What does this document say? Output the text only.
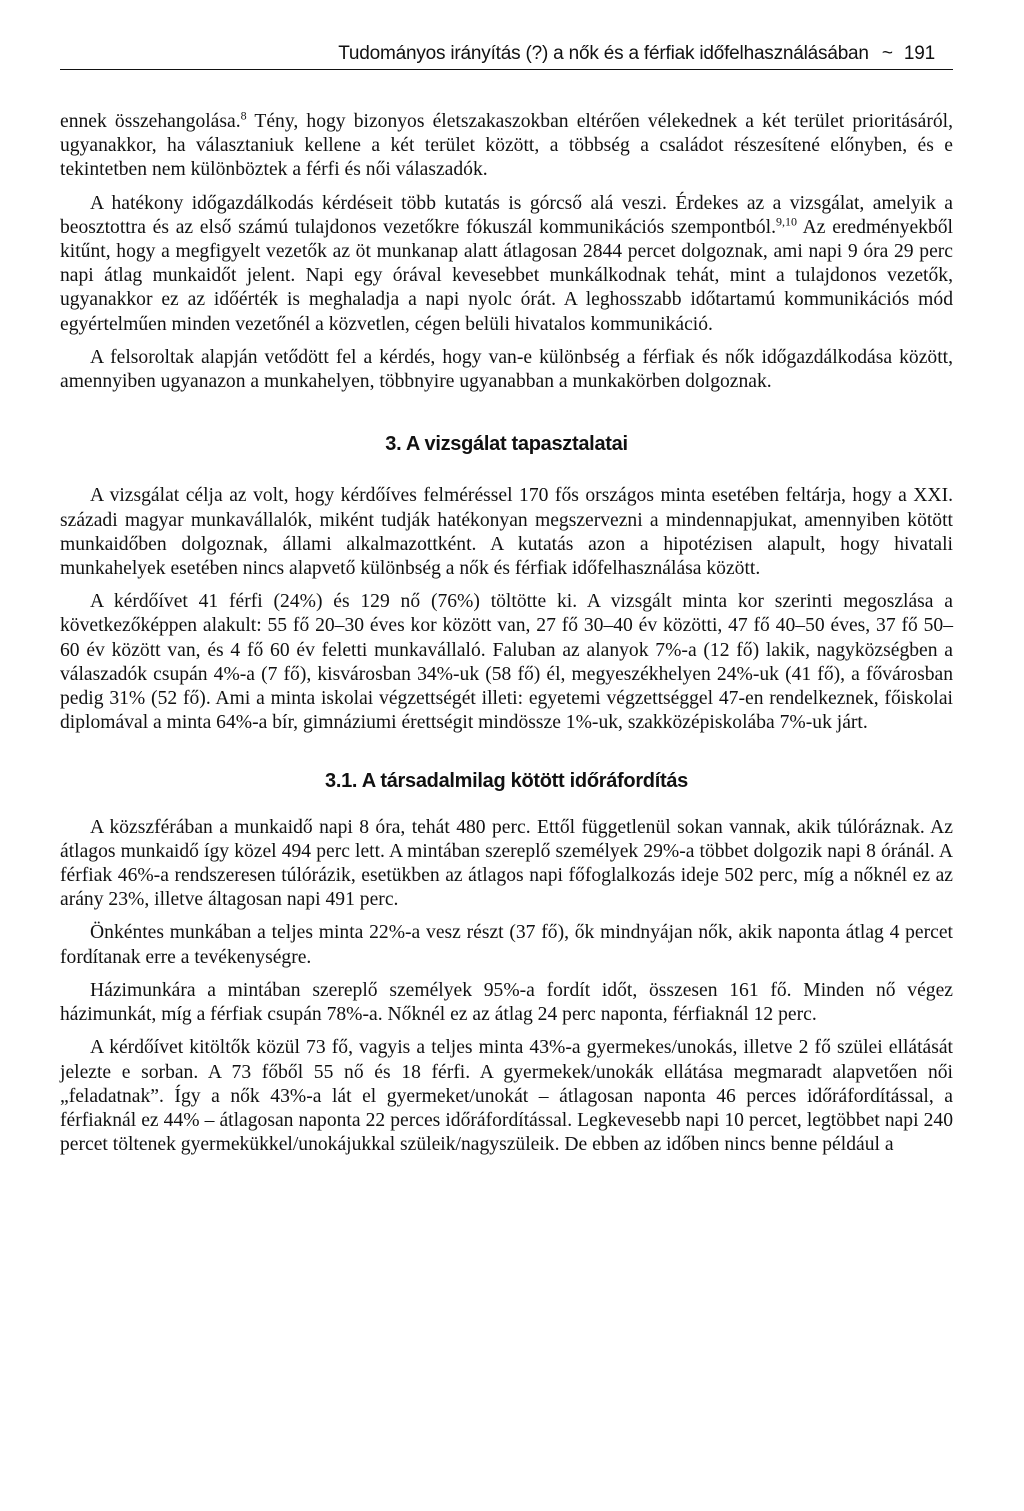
Tudományos irányítás (?) a nők és a férfiak időfelhasználásában ~ 191

ennek összehangolása.$^8$ Tény, hogy bizonyos életszakaszokban eltérően vélekednek a két terület prioritásáról, ugyanakkor, ha választaniuk kellene a két terület között, a többség a családot részesítené előnyben, és e tekintetben nem különböztek a férfi és női válaszadók.

A hatékony időgazdálkodás kérdéseit több kutatás is górcső alá veszi. Érdekes az a vizsgálat, amelyik a beosztottra és az első számú tulajdonos vezetőkre fókuszál kommunikációs szempontból.$^{9,10}$ Az eredményekből kitűnt, hogy a megfigyelt vezetők az öt munkanap alatt átlagosan 2844 percet dolgoznak, ami napi 9 óra 29 perc napi átlag munkaidőt jelent. Napi egy órával kevesebbet munkálkodnak tehát, mint a tulajdonos vezetők, ugyanakkor ez az időérték is meghaladja a napi nyolc órát. A leghosszabb időtartamú kommunikációs mód egyértelműen minden vezetőnél a közvetlen, cégen belüli hivatalos kommunikáció.

A felsoroltak alapján vetődött fel a kérdés, hogy van-e különbség a férfiak és nők időgazdálkodása között, amennyiben ugyanazon a munkahelyen, többnyire ugyanabban a munkakörben dolgoznak.

3. A vizsgálat tapasztalatai

A vizsgálat célja az volt, hogy kérdőíves felméréssel 170 fős országos minta esetében feltárja, hogy a XXI. századi magyar munkavállalók, miként tudják hatékonyan megszervezni a mindennapjukat, amennyiben kötött munkaidőben dolgoznak, állami alkalmazottként. A kutatás azon a hipotézisen alapult, hogy hivatali munkahelyek esetében nincs alapvető különbség a nők és férfiak időfelhasználása között.

A kérdőívet 41 férfi (24%) és 129 nő (76%) töltötte ki. A vizsgált minta kor szerinti megoszlása a következőképpen alakult: 55 fő 20–30 éves kor között van, 27 fő 30–40 év közötti, 47 fő 40–50 éves, 37 fő 50–60 év között van, és 4 fő 60 év feletti munkavállaló. Faluban az alanyok 7%-a (12 fő) lakik, nagyközségben a válaszadók csupán 4%-a (7 fő), kisvárosban 34%-uk (58 fő) él, megyeszékhelyen 24%-uk (41 fő), a fővárosban pedig 31% (52 fő). Ami a minta iskolai végzettségét illeti: egyetemi végzettséggel 47-en rendelkeznek, főiskolai diplomával a minta 64%-a bír, gimnáziumi érettségit mindössze 1%-uk, szakközépiskolába 7%-uk járt.

3.1. A társadalmilag kötött időráfordítás

A közszférában a munkaidő napi 8 óra, tehát 480 perc. Ettől függetlenül sokan vannak, akik túlóráznak. Az átlagos munkaidő így közel 494 perc lett. A mintában szereplő személyek 29%-a többet dolgozik napi 8 óránál. A férfiak 46%-a rendszeresen túlórázik, esetükben az átlagos napi főfoglalkozás ideje 502 perc, míg a nőknél ez az arány 23%, illetve áltagosan napi 491 perc.

Önkéntes munkában a teljes minta 22%-a vesz részt (37 fő), ők mindnyájan nők, akik naponta átlag 4 percet fordítanak erre a tevékenységre.

Házimunkára a mintában szereplő személyek 95%-a fordít időt, összesen 161 fő. Minden nő végez házimunkát, míg a férfiak csupán 78%-a. Nőknél ez az átlag 24 perc naponta, férfiaknál 12 perc.

A kérdőívet kitöltők közül 73 fő, vagyis a teljes minta 43%-a gyermekes/unokás, illetve 2 fő szülei ellátását jelezte e sorban. A 73 főből 55 nő és 18 férfi. A gyermekek/unokák ellátása megmaradt alapvetően női „feladatnak”. Így a nők 43%-a lát el gyermeket/unokát – átlagosan naponta 46 perces időráfordítással, a férfiaknál ez 44% – átlagosan naponta 22 perces időráfordítással. Legkevesebb napi 10 percet, legtöbbet napi 240 percet töltenek gyermekükkel/unokájukkal szüleik/nagyszüleik. De ebben az időben nincs benne például a
